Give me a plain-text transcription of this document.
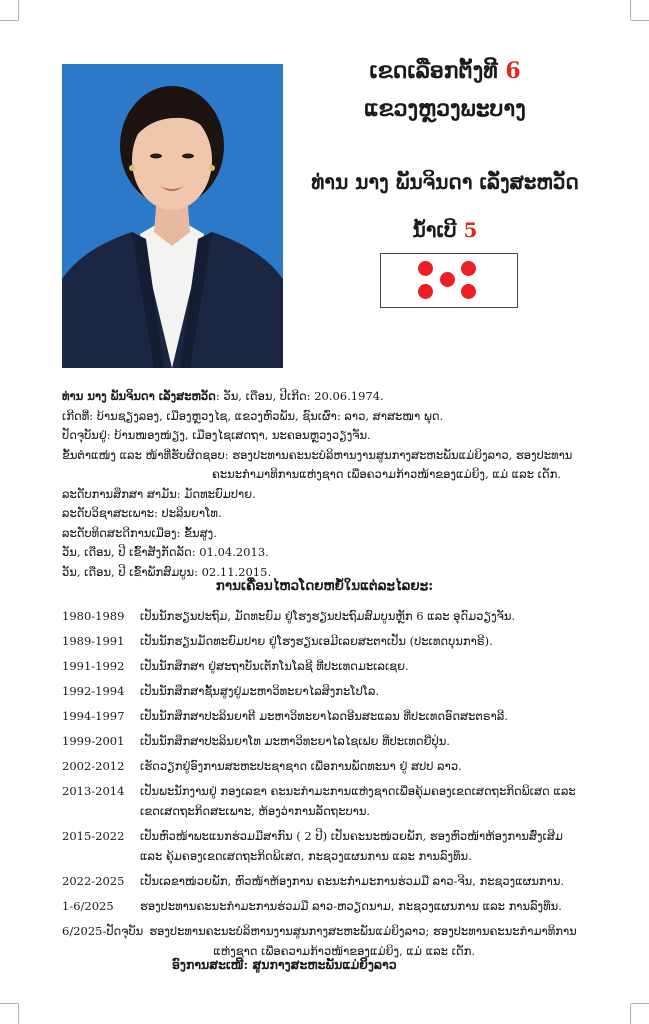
ເຂດເລືອກຕັ້ງທີ 6
ແຂວງຫຼວງພະບາງ
ທ່ານ ນາງ ພັນຈິນດາ ເລັ່ງສະຫວັດ
ນໍ້າເບີ 5
ທ່ານ ນາງ ພັນຈິນດາ ເລັ່ງສະຫວັດ: ວັນ, ເດືອນ, ປີເກີດ: 20.06.1974.
ເກີດທີ່: ບ້ານຊຽງລອງ, ເມືອງຫຼວງໄຊ, ແຂວງຫົວພັນ, ຊົນເຜົ່າ: ລາວ, ສາສະໜາ ພຸດ.
ປັດຈຸບັນຢູ່: ບ້ານໜອງໜ່ຽງ, ເມືອງໄຊເສດຖາ, ນະຄອນຫຼວງວຽງຈັນ.
ຂັ້ນຕຳແໜ່ງ ແລະ ໜ້າທີ່ຮັບຜິດຊອບ: ຮອງປະທານຄະນະບໍລິຫານງານສູນກາງສະຫະພັນແມ່ຍິງລາວ, ຮອງປະທານ
ຄະນະກຳມາທິການແຫ່ງຊາດ ເພື່ອຄວາມກ້າວໜ້າຂອງແມ່ຍິງ, ແມ່ ແລະ ເດັກ.
ລະດັບການສຶກສາ ສາມັນ: ມັດທະຍົມປາຍ.
ລະດັບວິຊາສະເພາະ: ປະລິນຍາໂທ.
ລະດັບທິດສະດີການເມືອງ: ຂັ້ນສູງ.
ວັນ, ເດືອນ, ປີ ເຂົ້າສັງກັດລັດ: 01.04.2013.
ວັນ, ເດືອນ, ປີ ເຂົ້າພັກສົມບູນ: 02.11.2015.
ການເຄື່ອນໄຫວໂດຍຫຍໍ້ໃນແຕ່ລະໄລຍະ:
1980-1989	ເປັນນັກຮຽນປະຖົມ, ມັດທະຍົມ ຢູ່ໂຮງຮຽນປະຖົມສົມບູນຫຼັກ 6 ແລະ ອຸດົມວຽງຈັນ.
1989-1991	ເປັນນັກຮຽນມັດທະຍົມປາຍ ຢູ່ໂຮງຮຽນເອມີເລຍສະຕາເປັນ (ປະເທດບຸນກາຣີ).
1991-1992	ເປັນນັກສຶກສາ ຢູ່ສະຖາບັນເຕັກໂນໂລຊີ ທີ່ປະເທດມະເລເຊຍ.
1992-1994	ເປັນນັກສຶກສາຊັ້ນສູງຢູ່ມະຫາວິທະຍາໄລສິງກະໂປໂລ.
1994-1997	ເປັນນັກສຶກສາປະລິນຍາຕີ ມະຫາວິທະຍາໄລດອີນສະແລນ ທີ່ປະເທດອົດສະຕຣາລີ.
1999-2001	ເປັນນັກສຶກສາປະລິນຍາໂທ ມະຫາວິທະຍາໄລໄຊເຟຍ ທີ່ປະເທດຍີ່ປຸ່ນ.
2002-2012	ເຮັດວຽກຢູ່ອົງການສະຫະປະຊາຊາດ ເພື່ອການພັດທະນາ ຢູ່ ສປປ ລາວ.
2013-2014	ເປັນພະນັກງານຢູ່ ກອງເລຂາ ຄະນະກຳມະການແຫ່ງຊາດເພື່ອຄຸ້ມຄອງເຂດເສດຖະກິດພິເສດ ແລະ
ເຂດເສດຖະກິດສະເພາະ, ຫ້ອງວ່າການລັດຖະບານ.
2015-2022	ເປັນຫົວໜ້າພະແນກຮ່ວມມືສາກົນ ( 2 ປີ) ເປັນຄະນະໜ່ວຍພັກ, ຮອງຫົວໜ້າຫ້ອງການສົ່ງເສີມ
ແລະ ຄຸ້ມຄອງເຂດເສດຖະກິດພິເສດ, ກະຊວງແຜນການ ແລະ ການລົງທຶນ.
2022-2025	ເປັນເລຂາໜ່ວຍພັກ, ຫົວໜ້າຫ້ອງການ ຄະນະກຳມະການຮ່ວມມື ລາວ-ຈີນ, ກະຊວງແຜນການ.
1-6/2025	ຮອງປະທານຄະນະກຳມະການຮ່ວມມື ລາວ-ຫວຽດນາມ, ກະຊວງແຜນການ ແລະ ການລົງທຶນ.
6/2025-ປັດຈຸບັນ ຮອງປະທານຄະນະບໍລິຫານງານສູນກາງສະຫະພັນແມ່ຍິງລາວ; ຮອງປະທານຄະນະກຳມາທິການ
ແຫ່ງຊາດ ເພື່ອຄວາມກ້າວໜ້າຂອງແມ່ຍິງ, ແມ່ ແລະ ເດັກ.
ອົງການສະເໜີ: ສູນກາງສະຫະພັນແມ່ຍິງລາວ
